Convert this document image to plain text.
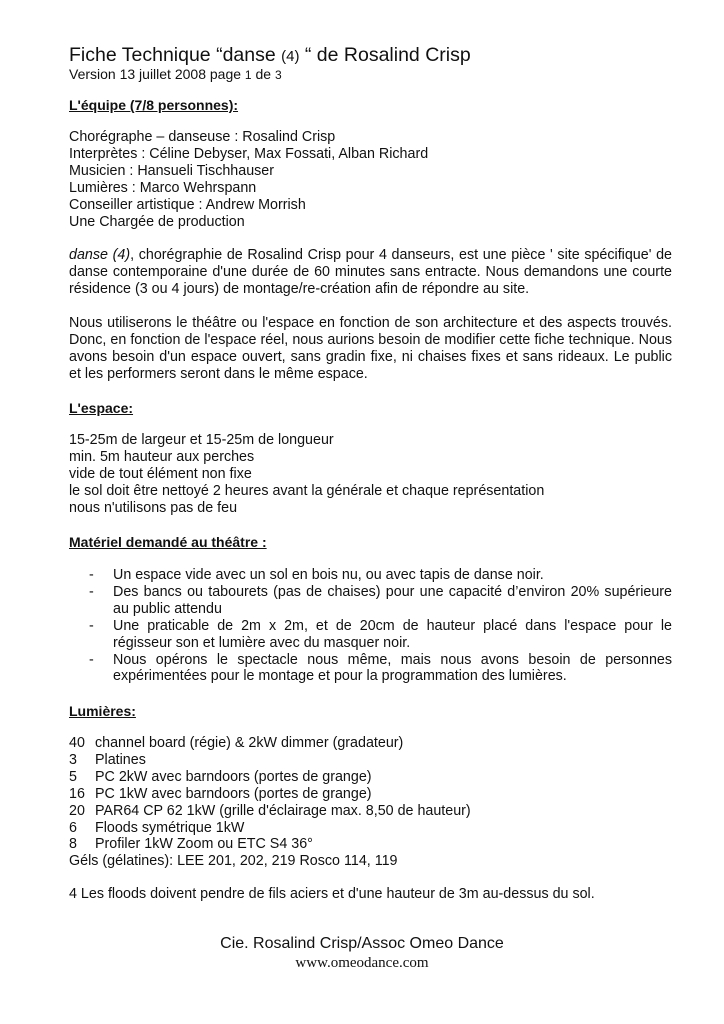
Fiche Technique “danse (4) “ de Rosalind Crisp
Version 13 juillet 2008 page 1 de 3
L'équipe (7/8 personnes):
Chorégraphe – danseuse : Rosalind Crisp
Interprètes : Céline Debyser, Max Fossati, Alban Richard
Musicien : Hansueli Tischhauser
Lumières : Marco Wehrspann
Conseiller artistique : Andrew Morrish
Une Chargée de production
danse (4), chorégraphie de Rosalind Crisp pour 4 danseurs, est une pièce ' site spécifique' de danse contemporaine d'une durée de 60 minutes sans entracte. Nous demandons une courte résidence (3 ou 4 jours) de montage/re-création afin de répondre au site.
Nous utiliserons le théâtre ou l'espace en fonction de son architecture et des aspects trouvés. Donc, en fonction de l'espace réel, nous aurions besoin de modifier cette fiche technique. Nous avons besoin d'un espace ouvert, sans gradin fixe, ni chaises fixes et sans rideaux. Le public et les performers seront dans le même espace.
L'espace:
15-25m de largeur et 15-25m de longueur
min. 5m hauteur aux perches
vide de tout élément non fixe
le sol doit être nettoyé 2 heures avant la générale et chaque représentation
nous n'utilisons pas de feu
Matériel demandé au théâtre :
-	Un espace vide avec un sol en bois nu, ou avec tapis de danse noir.
-	Des bancs ou tabourets (pas de chaises) pour une capacité d’environ 20% supérieure au public attendu
-	Une praticable de 2m x 2m, et de 20cm de hauteur placé dans l'espace pour le régisseur son et lumière avec du masquer noir.
-	Nous opérons le spectacle nous même, mais nous avons besoin de personnes expérimentées pour le montage et pour la programmation des lumières.
Lumières:
40 channel board (régie) & 2kW dimmer (gradateur)
3	Platines
5	PC 2kW avec barndoors (portes de grange)
16 PC 1kW avec barndoors (portes de grange)
20 PAR64 CP 62 1kW (grille d'éclairage max. 8,50 de hauteur)
6	Floods symétrique 1kW
8	Profiler 1kW Zoom ou ETC S4 36°
Géls (gélatines): LEE 201, 202, 219 Rosco 114, 119
4 Les floods doivent pendre de fils aciers et d'une hauteur de 3m au-dessus du sol.
Cie. Rosalind Crisp/Assoc Omeo Dance
www.omeodance.com
